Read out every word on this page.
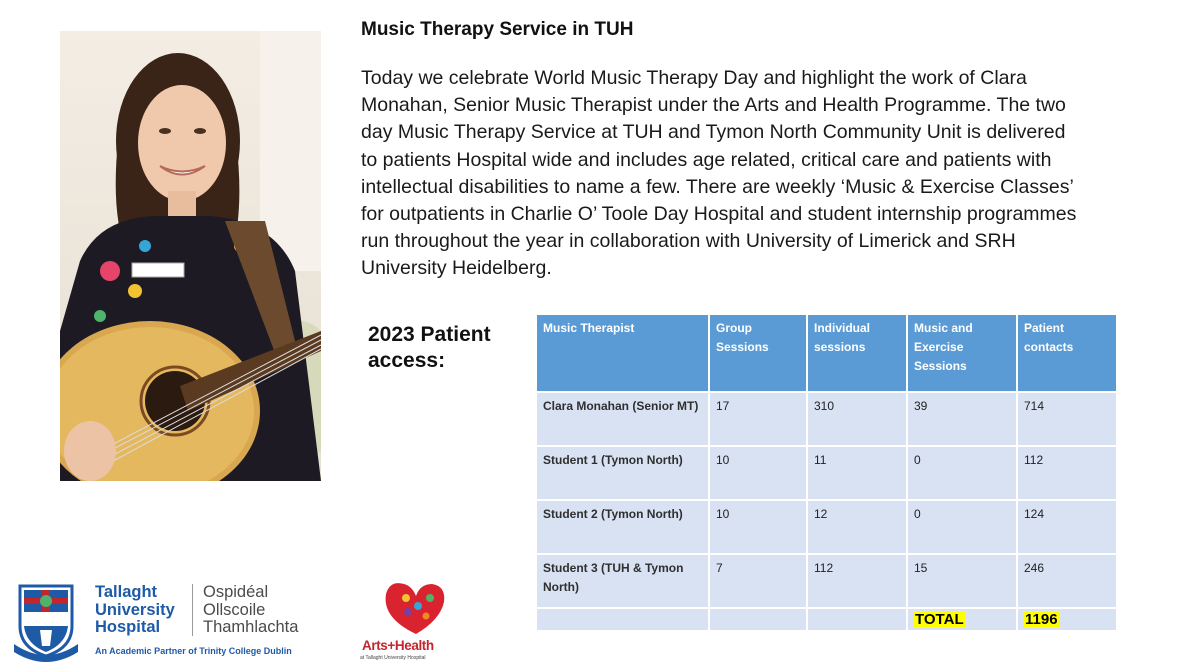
Music Therapy Service in TUH
Today we celebrate World Music Therapy Day and highlight the work of Clara Monahan, Senior Music Therapist under the Arts and Health Programme. The two day Music Therapy Service at TUH and Tymon North Community Unit is delivered to patients Hospital wide and includes age related, critical care and patients with intellectual disabilities to name a few. There are weekly ‘Music & Exercise Classes’ for outpatients in Charlie O’ Toole Day Hospital and student internship programmes run throughout the year in collaboration with University of Limerick and SRH University Heidelberg.
2023 Patient
access:
Music Therapist	Group Sessions	Individual sessions	Music and Exercise Sessions	Patient contacts
Clara Monahan (Senior MT)	17	310	39	714
Student 1 (Tymon North)	10	11	0	112
Student 2 (Tymon North)	10	12	0	124
Student 3 (TUH & Tymon North)	7	112	15	246
			TOTAL	1196
Tallaght
University
Hospital
Ospidéal
Ollscoile
Thamhlachta
An Academic Partner of Trinity College Dublin	Arts+Health
at Tallaght University Hospital
